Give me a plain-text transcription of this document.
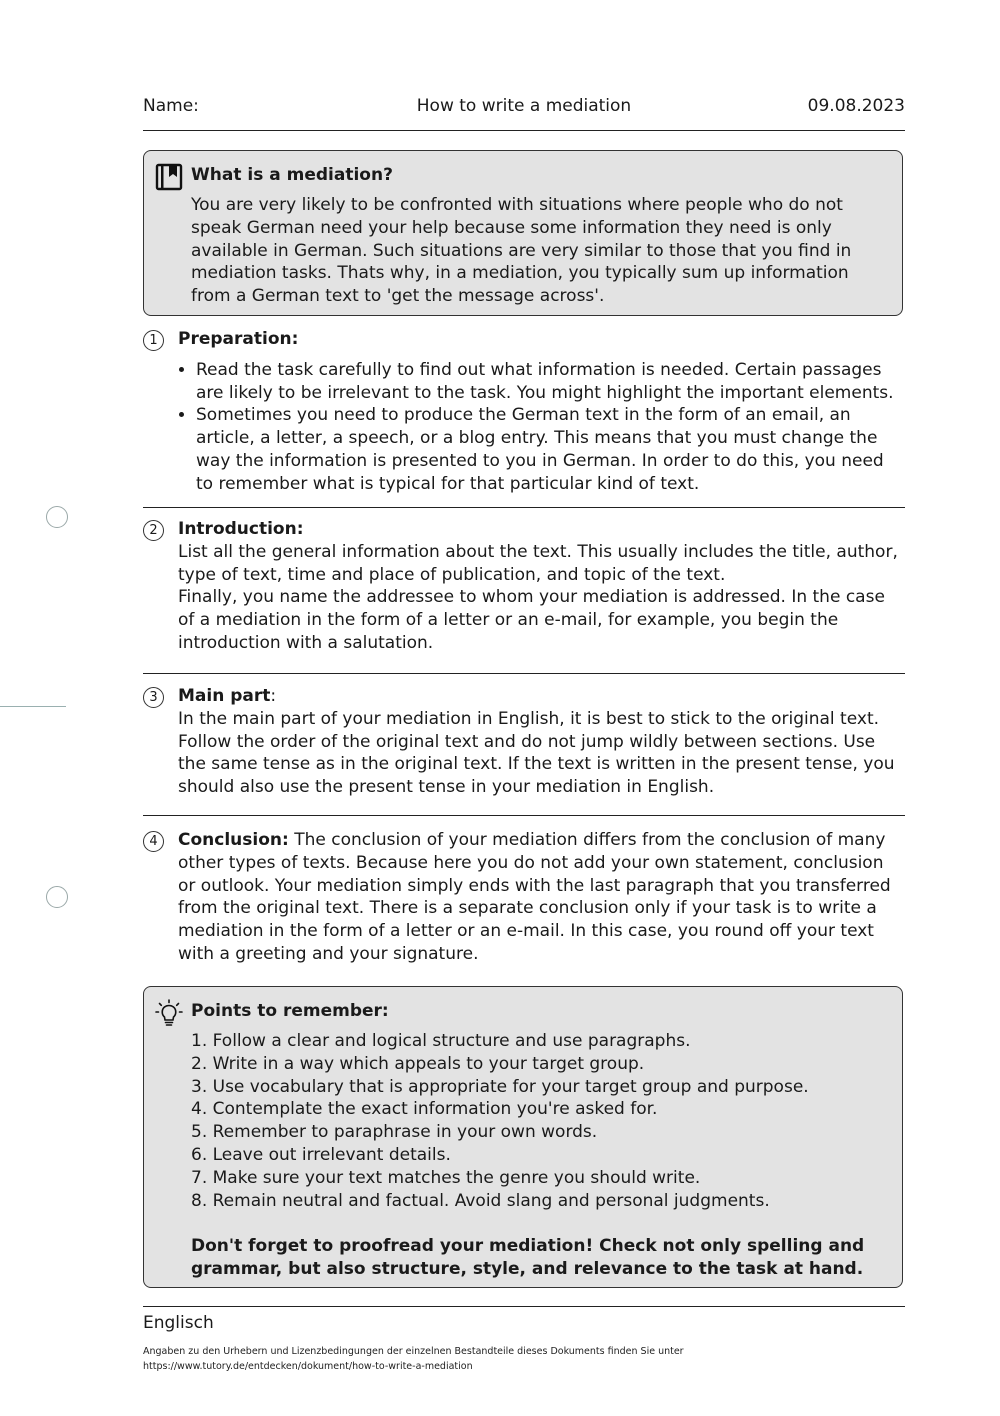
Name:	How to write a mediation	09.08.2023
What is a mediation?
You are very likely to be confronted with situations where people who do not speak German need your help because some information they need is only available in German. Such situations are very similar to those that you find in mediation tasks. Thats why, in a mediation, you typically sum up information from a German text to 'get the message across'.
1	Preparation:
• Read the task carefully to find out what information is needed. Certain passages are likely to be irrelevant to the task. You might highlight the important elements.
• Sometimes you need to produce the German text in the form of an email, an article, a letter, a speech, or a blog entry. This means that you must change the way the information is presented to you in German. In order to do this, you need to remember what is typical for that particular kind of text.
2	Introduction:
List all the general information about the text. This usually includes the title, author, type of text, time and place of publication, and topic of the text.
Finally, you name the addressee to whom your mediation is addressed. In the case of a mediation in the form of a letter or an e-mail, for example, you begin the introduction with a salutation.
3	Main part:
In the main part of your mediation in English, it is best to stick to the original text. Follow the order of the original text and do not jump wildly between sections. Use the same tense as in the original text. If the text is written in the present tense, you should also use the present tense in your mediation in English.
4	Conclusion: The conclusion of your mediation differs from the conclusion of many other types of texts. Because here you do not add your own statement, conclusion or outlook. Your mediation simply ends with the last paragraph that you transferred from the original text. There is a separate conclusion only if your task is to write a mediation in the form of a letter or an e-mail. In this case, you round off your text with a greeting and your signature.
Points to remember:
1. Follow a clear and logical structure and use paragraphs.
2. Write in a way which appeals to your target group.
3. Use vocabulary that is appropriate for your target group and purpose.
4. Contemplate the exact information you're asked for.
5. Remember to paraphrase in your own words.
6. Leave out irrelevant details.
7. Make sure your text matches the genre you should write.
8. Remain neutral and factual. Avoid slang and personal judgments.
Don't forget to proofread your mediation! Check not only spelling and grammar, but also structure, style, and relevance to the task at hand.
Englisch
Angaben zu den Urhebern und Lizenzbedingungen der einzelnen Bestandteile dieses Dokuments finden Sie unter
https://www.tutory.de/entdecken/dokument/how-to-write-a-mediation
